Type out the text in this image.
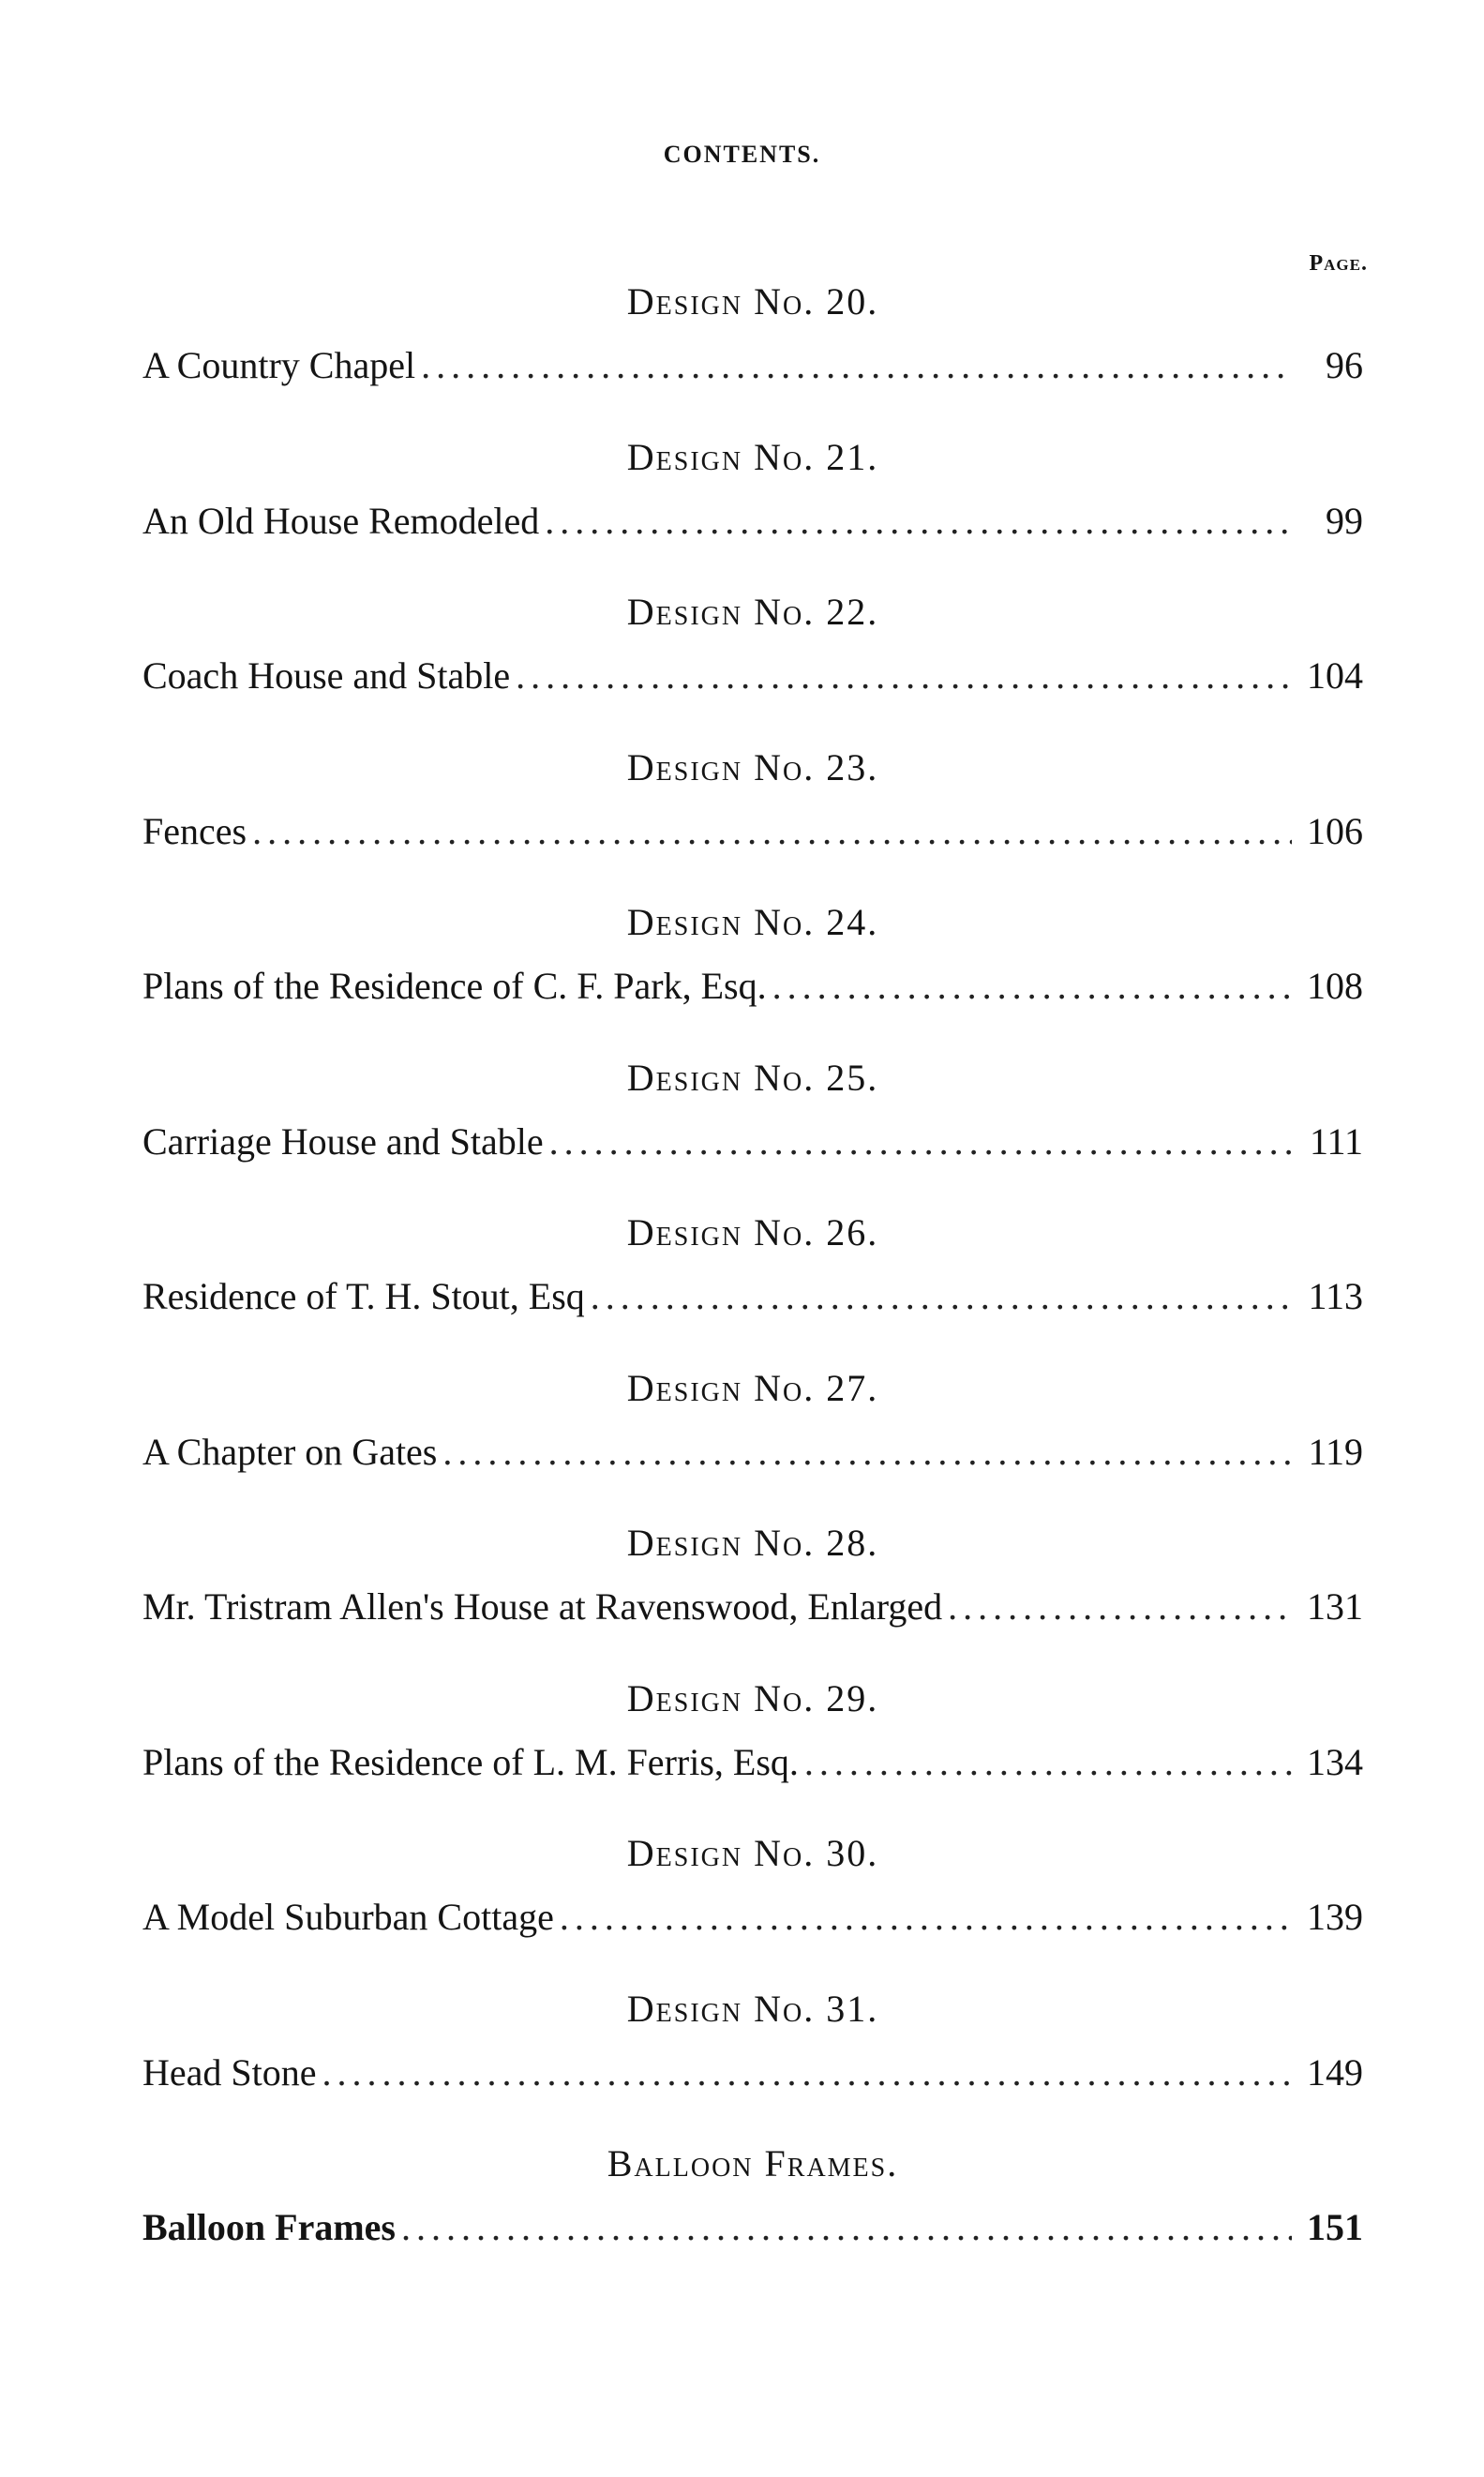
CONTENTS.
Page.
Design No. 20.
A Country Chapel .....	96
Design No. 21.
An Old House Remodeled .....	99
Design No. 22.
Coach House and Stable .....	104
Design No. 23.
Fences .....	106
Design No. 24.
Plans of the Residence of C. F. Park, Esq. .....	108
Design No. 25.
Carriage House and Stable .....	111
Design No. 26.
Residence of T. H. Stout, Esq .....	113
Design No. 27.
A Chapter on Gates .....	119
Design No. 28.
Mr. Tristram Allen's House at Ravenswood, Enlarged .....	131
Design No. 29.
Plans of the Residence of L. M. Ferris, Esq. .....	134
Design No. 30.
A Model Suburban Cottage .....	139
Design No. 31.
Head Stone .....	149
Balloon Frames.
Balloon Frames .....	151
